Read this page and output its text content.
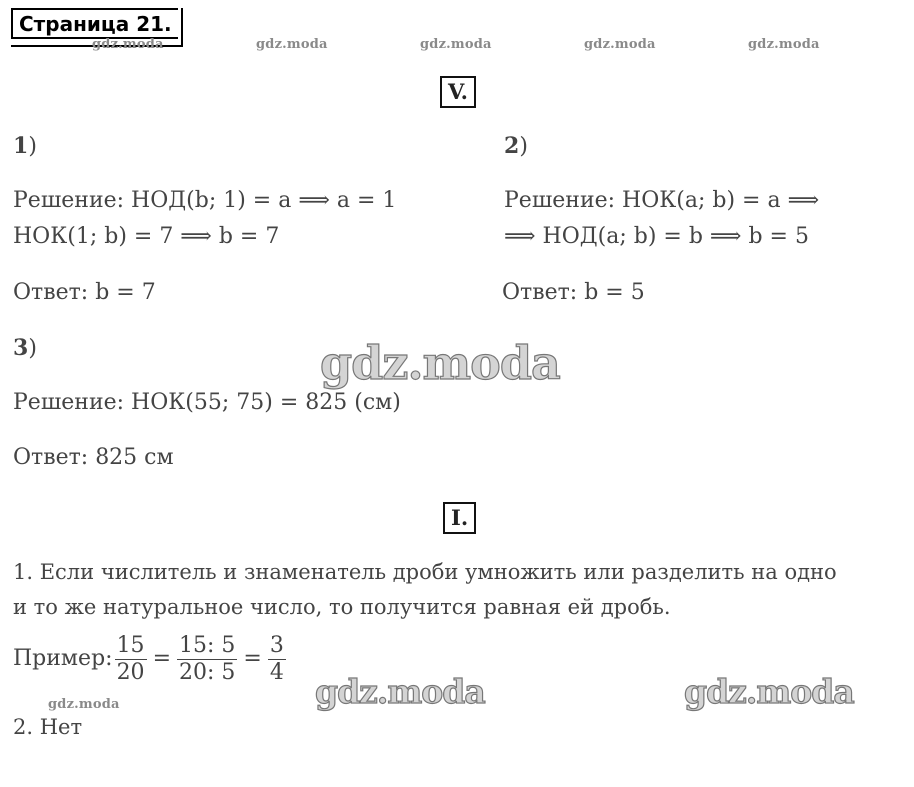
Страница 21.
gdz.moda	gdz.moda	gdz.moda	gdz.moda	gdz.moda
gdz.moda
gdz.moda
gdz.moda	gdz.moda
V.
1)
Решение: НОД(b; 1) = a ⟹ a = 1
НОК(1; b) = 7 ⟹ b = 7
Ответ: b = 7
2)
Решение: НОК(a; b) = a ⟹
⟹ НОД(a; b) = b ⟹ b = 5
Ответ: b = 5
3)
Решение: НОК(55; 75) = 825 (см)
Ответ: 825 см
I.
1. Если числитель и знаменатель дроби умножить или разделить на одно
и то же натуральное число, то получится равная ей дробь.
Пример: $\frac{15}{20} = \frac{15: 5}{20: 5} = \frac{3}{4}$
2. Нет
